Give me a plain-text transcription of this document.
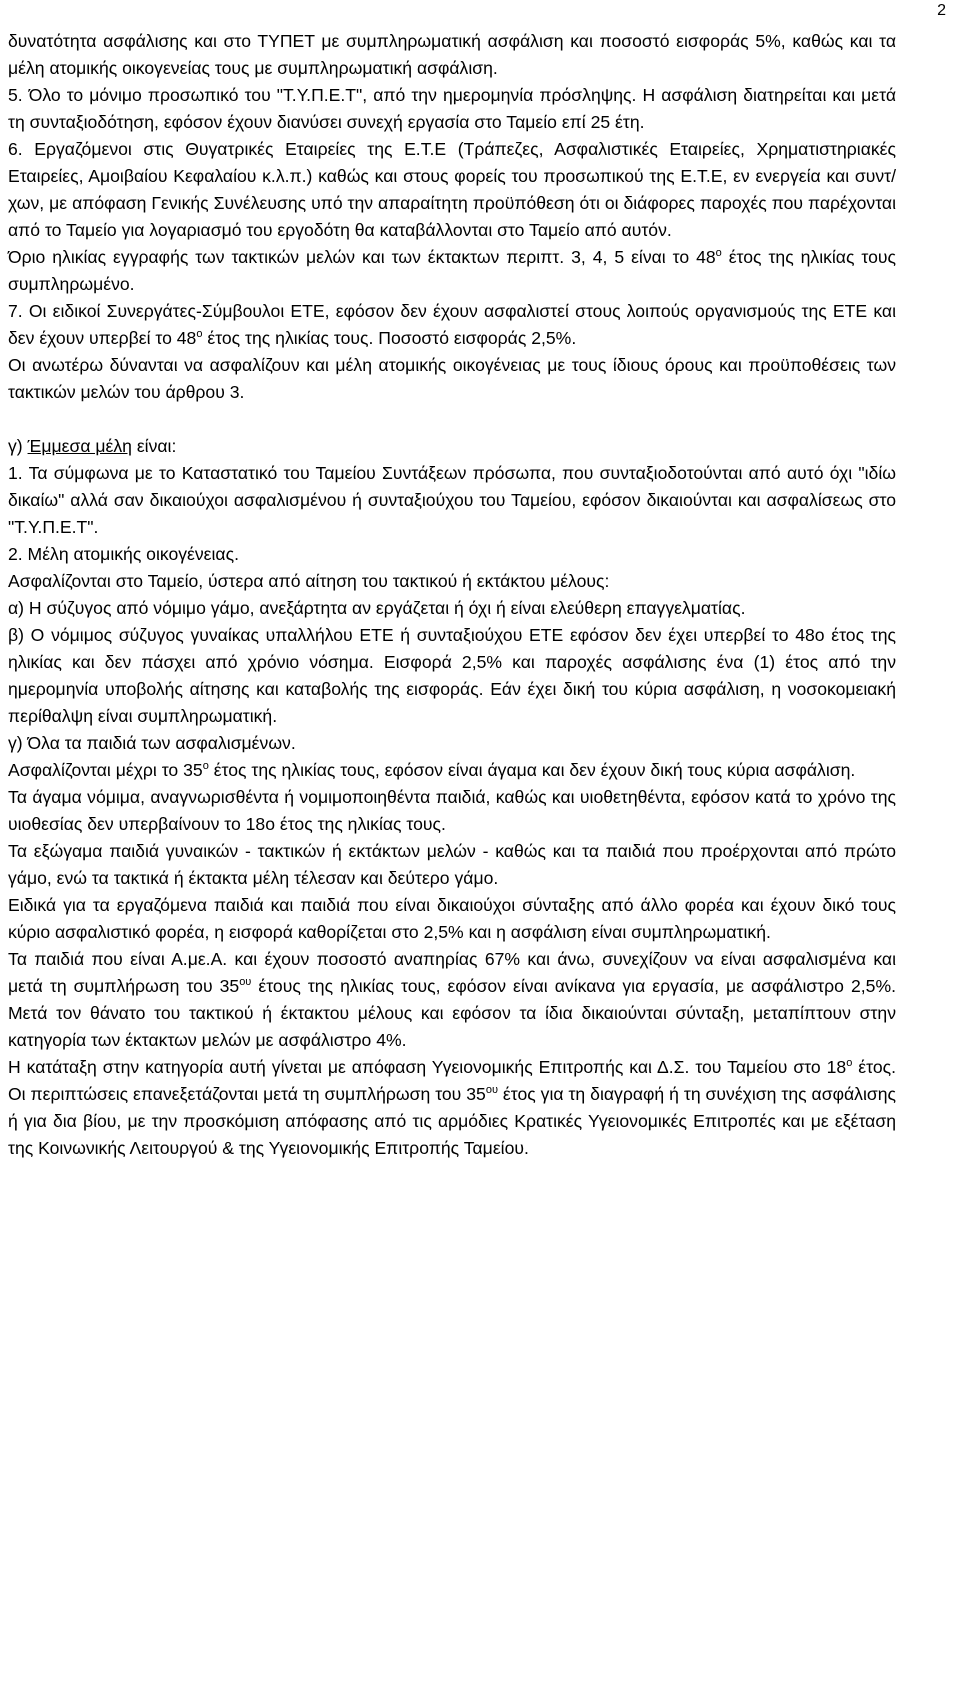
2

δυνατότητα ασφάλισης και στο ΤΥΠΕΤ με συμπληρωματική ασφάλιση και ποσοστό εισφοράς 5%, καθώς και τα μέλη ατομικής οικογενείας τους με συμπληρωματική ασφάλιση.

5. Όλο το μόνιμο προσωπικό του "Τ.Υ.Π.Ε.Τ", από την ημερομηνία πρόσληψης. Η ασφάλιση διατηρείται και μετά τη συνταξιοδότηση, εφόσον έχουν διανύσει συνεχή εργασία στο Ταμείο επί 25 έτη.

6. Εργαζόμενοι στις Θυγατρικές Εταιρείες της Ε.Τ.Ε (Τράπεζες, Ασφαλιστικές Εταιρείες, Χρηματιστηριακές Εταιρείες, Αμοιβαίου Κεφαλαίου κ.λ.π.) καθώς και στους φορείς του προσωπικού της Ε.Τ.Ε, εν ενεργεία και συντ/χων, με απόφαση Γενικής Συνέλευσης υπό την απαραίτητη προϋπόθεση ότι οι διάφορες παροχές που παρέχονται από το Ταμείο για λογαριασμό του εργοδότη θα καταβάλλονται στο Ταμείο από αυτόν.

Όριο ηλικίας εγγραφής των τακτικών μελών και των έκτακτων περιπτ. 3, 4, 5 είναι το $48^o$ έτος της ηλικίας τους συμπληρωμένο.

7. Οι ειδικοί Συνεργάτες-Σύμβουλοι ΕΤΕ, εφόσον δεν έχουν ασφαλιστεί στους λοιπούς οργανισμούς της ΕΤΕ και δεν έχουν υπερβεί το $48^o$ έτος της ηλικίας τους. Ποσοστό εισφοράς 2,5%.

Οι ανωτέρω δύνανται να ασφαλίζουν και μέλη ατομικής οικογένειας με τους ίδιους όρους και προϋποθέσεις των τακτικών μελών του άρθρου 3.

γ) Έμμεσα μέλη είναι:

1. Τα σύμφωνα με το Καταστατικό του Ταμείου Συντάξεων πρόσωπα, που συνταξιοδοτούνται από αυτό όχι "ιδίω δικαίω" αλλά σαν δικαιούχοι ασφαλισμένου ή συνταξιούχου του Ταμείου, εφόσον δικαιούνται και ασφαλίσεως στο "Τ.Υ.Π.Ε.Τ".

2. Μέλη ατομικής οικογένειας.

Ασφαλίζονται στο Ταμείο, ύστερα από αίτηση του τακτικού ή εκτάκτου μέλους:

α) Η σύζυγος από νόμιμο γάμο, ανεξάρτητα αν εργάζεται ή όχι ή είναι ελεύθερη επαγγελματίας.

β) Ο νόμιμος σύζυγος γυναίκας υπαλλήλου ΕΤΕ ή συνταξιούχου ΕΤΕ εφόσον δεν έχει υπερβεί το 48ο έτος της ηλικίας και δεν πάσχει από χρόνιο νόσημα. Εισφορά 2,5% και παροχές ασφάλισης ένα (1) έτος από την ημερομηνία υποβολής αίτησης και καταβολής της εισφοράς. Εάν έχει δική του κύρια ασφάλιση, η νοσοκομειακή περίθαλψη είναι συμπληρωματική.

γ) Όλα τα παιδιά των ασφαλισμένων.

Ασφαλίζονται μέχρι το $35^o$ έτος της ηλικίας τους, εφόσον είναι άγαμα και δεν έχουν δική τους κύρια ασφάλιση.

Τα άγαμα νόμιμα, αναγνωρισθέντα ή νομιμοποιηθέντα παιδιά, καθώς και υιοθετηθέντα, εφόσον κατά το χρόνο της υιοθεσίας δεν υπερβαίνουν το 18ο έτος της ηλικίας τους.

Τα εξώγαμα παιδιά γυναικών - τακτικών ή εκτάκτων μελών - καθώς και τα παιδιά που προέρχονται από πρώτο γάμο, ενώ τα τακτικά ή έκτακτα μέλη τέλεσαν και δεύτερο γάμο.

Ειδικά για τα εργαζόμενα παιδιά και παιδιά που είναι δικαιούχοι σύνταξης από άλλο φορέα και έχουν δικό τους κύριο ασφαλιστικό φορέα, η εισφορά καθορίζεται στο 2,5% και η ασφάλιση είναι συμπληρωματική.

Τα παιδιά που είναι Α.με.Α. και έχουν ποσοστό αναπηρίας 67% και άνω, συνεχίζουν να είναι ασφαλισμένα και μετά τη συμπλήρωση του $35^{o\upsilon}$ έτους της ηλικίας τους, εφόσον είναι ανίκανα για εργασία, με ασφάλιστρο 2,5%. Μετά τον θάνατο του τακτικού ή έκτακτου μέλους και εφόσον τα ίδια δικαιούνται σύνταξη, μεταπίπτουν στην κατηγορία των έκτακτων μελών με ασφάλιστρο 4%.

Η κατάταξη στην κατηγορία αυτή γίνεται με απόφαση Υγειονομικής Επιτροπής και Δ.Σ. του Ταμείου στο $18^o$ έτος. Οι περιπτώσεις επανεξετάζονται μετά τη συμπλήρωση του $35^{o\upsilon}$ έτος για τη διαγραφή ή τη συνέχιση της ασφάλισης ή για δια βίου, με την προσκόμιση απόφασης από τις αρμόδιες Κρατικές Υγειονομικές Επιτροπές και με εξέταση της Κοινωνικής Λειτουργού & της Υγειονομικής Επιτροπής Ταμείου.
